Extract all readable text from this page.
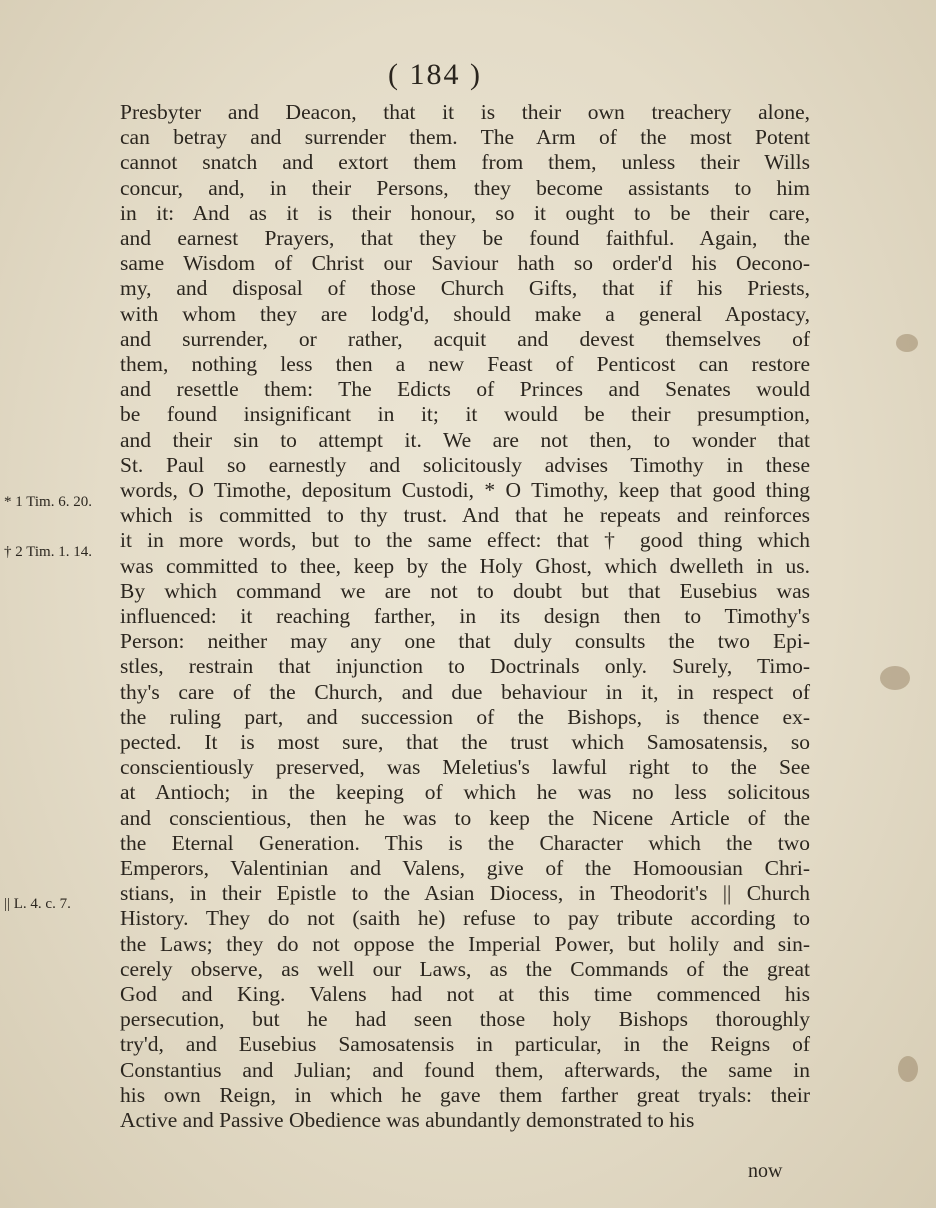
( 184 )
Presbyter and Deacon, that it is their own treachery alone,
can betray and surrender them. The Arm of the most Potent
cannot snatch and extort them from them, unless their Wills
concur, and, in their Persons, they become assistants to him
in it: And as it is their honour, so it ought to be their care,
and earnest Prayers, that they be found faithful. Again, the
same Wisdom of Christ our Saviour hath so order'd his Oecono-
my, and disposal of those Church Gifts, that if his Priests,
with whom they are lodg'd, should make a general Apostacy,
and surrender, or rather, acquit and devest themselves of
them, nothing less then a new Feast of Penticost can restore
and resettle them: The Edicts of Princes and Senates would
be found insignificant in it; it would be their presumption,
and their sin to attempt it. We are not then, to wonder that
St. Paul so earnestly and solicitously advises Timothy in these
words, O Timothe, depositum Custodi, * O Timothy, keep that good thing
which is committed to thy trust. And that he repeats and reinforces
it in more words, but to the same effect: that † good thing which
was committed to thee, keep by the Holy Ghost, which dwelleth in us.
By which command we are not to doubt but that Eusebius was
influenced: it reaching farther, in its design then to Timothy's
Person: neither may any one that duly consults the two Epi-
stles, restrain that injunction to Doctrinals only. Surely, Timo-
thy's care of the Church, and due behaviour in it, in respect of
the ruling part, and succession of the Bishops, is thence ex-
pected. It is most sure, that the trust which Samosatensis, so
conscientiously preserved, was Meletius's lawful right to the See
at Antioch; in the keeping of which he was no less solicitous
and conscientious, then he was to keep the Nicene Article of the
the Eternal Generation. This is the Character which the two
Emperors, Valentinian and Valens, give of the Homoousian Chri-
stians, in their Epistle to the Asian Diocess, in Theodorit's || Church
History. They do not (saith he) refuse to pay tribute according to
the Laws; they do not oppose the Imperial Power, but holily and sin-
cerely observe, as well our Laws, as the Commands of the great
God and King. Valens had not at this time commenced his
persecution, but he had seen those holy Bishops thoroughly
try'd, and Eusebius Samosatensis in particular, in the Reigns of
Constantius and Julian; and found them, afterwards, the same in
his own Reign, in which he gave them farther great tryals: their
Active and Passive Obedience was abundantly demonstrated to his
* 1 Tim. 6. 20.
† 2 Tim. 1. 14.
|| L. 4. c. 7.
now
